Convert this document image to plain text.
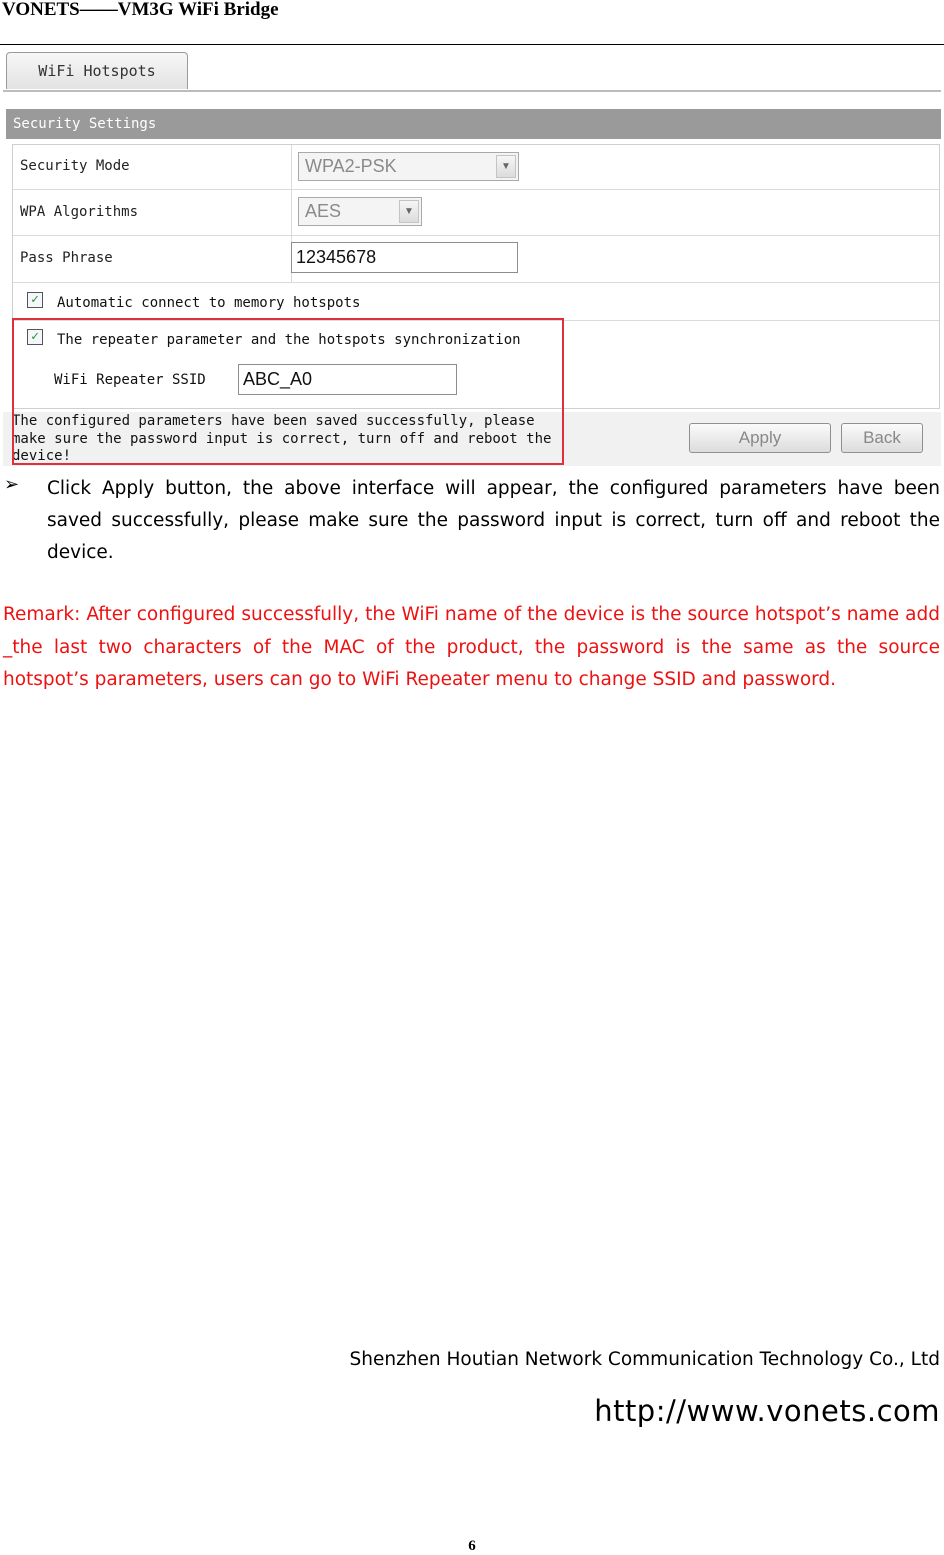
VONETS——VM3G WiFi Bridge
WiFi Hotspots
Security Settings
Security Mode	WPA2-PSK	▼
WPA Algorithms	AES	▼
Pass Phrase	12345678
✓ Automatic connect to memory hotspots
✓ The repeater parameter and the hotspots synchronization
WiFi Repeater SSID ABC_A0
The configured parameters have been saved successfully, please make sure the password input is correct, turn off and reboot the device!
Apply	Back
➢ Click Apply button, the above interface will appear, the configured parameters have been saved successfully, please make sure the password input is correct, turn off and reboot the device.
Remark: After configured successfully, the WiFi name of the device is the source hotspot’s name add _the last two characters of the MAC of the product, the password is the same as the source hotspot’s parameters, users can go to WiFi Repeater menu to change SSID and password.
Shenzhen Houtian Network Communication Technology Co., Ltd
http://www.vonets.com
6
